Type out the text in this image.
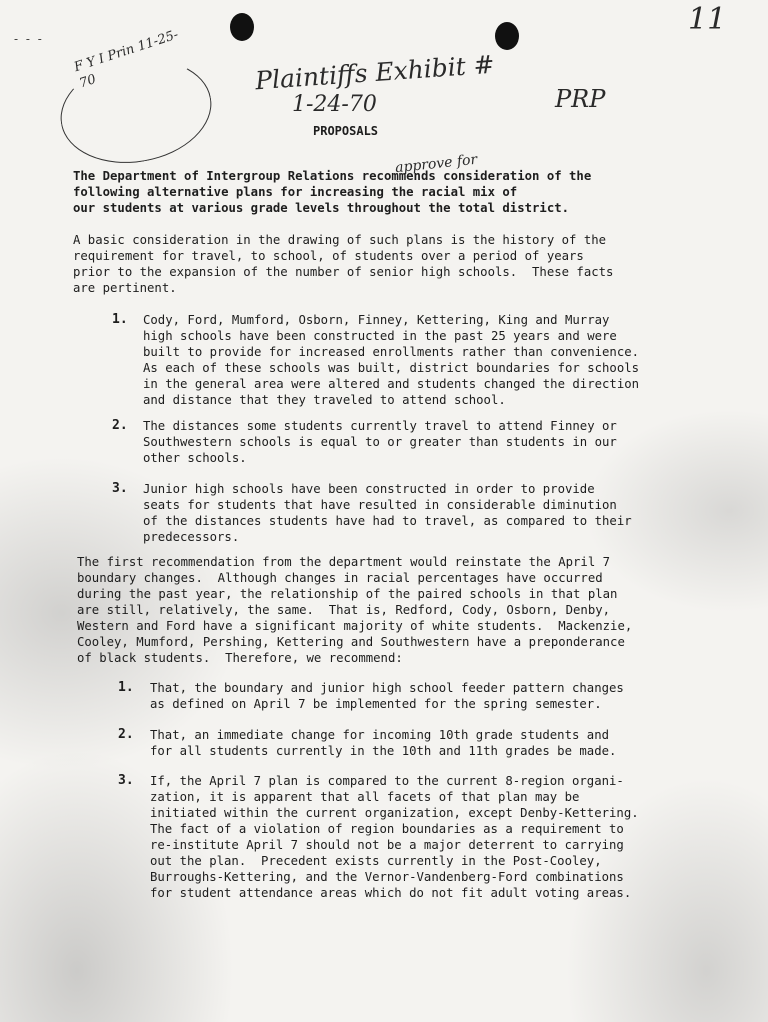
11
- - - F Y I Prin 11-25-70	Plaintiffs Exhibit #
1-24-70	PRP
PROPOSALS
approve for
The Department of Intergroup Relations recommends consideration of the
following alternative plans for increasing the racial mix of
our students at various grade levels throughout the total district.
A basic consideration in the drawing of such plans is the history of the
requirement for travel, to school, of students over a period of years
prior to the expansion of the number of senior high schools.  These facts
are pertinent.
1. Cody, Ford, Mumford, Osborn, Finney, Kettering, King and Murray
high schools have been constructed in the past 25 years and were
built to provide for increased enrollments rather than convenience.
As each of these schools was built, district boundaries for schools
in the general area were altered and students changed the direction
and distance that they traveled to attend school.
2. The distances some students currently travel to attend Finney or
Southwestern schools is equal to or greater than students in our
other schools.
3. Junior high schools have been constructed in order to provide
seats for students that have resulted in considerable diminution
of the distances students have had to travel, as compared to their
predecessors.
The first recommendation from the department would reinstate the April 7
boundary changes.  Although changes in racial percentages have occurred
during the past year, the relationship of the paired schools in that plan
are still, relatively, the same.  That is, Redford, Cody, Osborn, Denby,
Western and Ford have a significant majority of white students.  Mackenzie,
Cooley, Mumford, Pershing, Kettering and Southwestern have a preponderance
of black students.  Therefore, we recommend:
1. That, the boundary and junior high school feeder pattern changes
as defined on April 7 be implemented for the spring semester.
2. That, an immediate change for incoming 10th grade students and
for all students currently in the 10th and 11th grades be made.
3. If, the April 7 plan is compared to the current 8-region organi-
zation, it is apparent that all facets of that plan may be
initiated within the current organization, except Denby-Kettering.
The fact of a violation of region boundaries as a requirement to
re-institute April 7 should not be a major deterrent to carrying
out the plan.  Precedent exists currently in the Post-Cooley,
Burroughs-Kettering, and the Vernor-Vandenberg-Ford combinations
for student attendance areas which do not fit adult voting areas.
